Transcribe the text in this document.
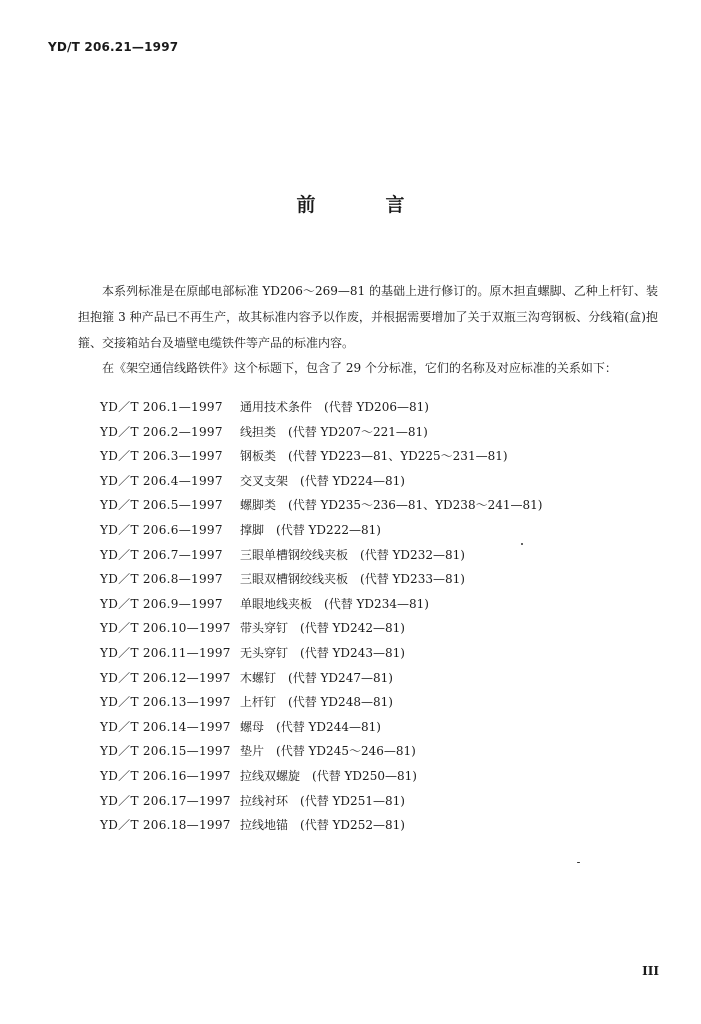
YD/T 206.21—1997
前言

本系列标准是在原邮电部标准 YD206～269—81 的基础上进行修订的。原木担直螺脚、乙种上杆钉、装担抱箍 3 种产品已不再生产，故其标准内容予以作废，并根据需要增加了关于双瓶三沟弯钢板、分线箱(盒)抱箍、交接箱站台及墙壁电缆铁件等产品的标准内容。

在《架空通信线路铁件》这个标题下，包含了 29 个分标准，它们的名称及对应标准的关系如下：

YD／T 206.1—1997 通用技术条件 (代替 YD206—81)
YD／T 206.2—1997 线担类 (代替 YD207～221—81)
YD／T 206.3—1997 钢板类 (代替 YD223—81、YD225～231—81)
YD／T 206.4—1997 交叉支架 (代替 YD224—81)
YD／T 206.5—1997 螺脚类 (代替 YD235～236—81、YD238～241—81)
YD／T 206.6—1997 撑脚 (代替 YD222—81)
YD／T 206.7—1997 三眼单槽钢绞线夹板 (代替 YD232—81)
YD／T 206.8—1997 三眼双槽钢绞线夹板 (代替 YD233—81)
YD／T 206.9—1997 单眼地线夹板 (代替 YD234—81)
YD／T 206.10—1997 带头穿钉 (代替 YD242—81)
YD／T 206.11—1997 无头穿钉 (代替 YD243—81)
YD／T 206.12—1997 木螺钉 (代替 YD247—81)
YD／T 206.13—1997 上杆钉 (代替 YD248—81)
YD／T 206.14—1997 螺母 (代替 YD244—81)
YD／T 206.15—1997 垫片 (代替 YD245～246—81)
YD／T 206.16—1997 拉线双螺旋 (代替 YD250—81)
YD／T 206.17—1997 拉线衬环 (代替 YD251—81)
YD／T 206.18—1997 拉线地锚 (代替 YD252—81)
III
